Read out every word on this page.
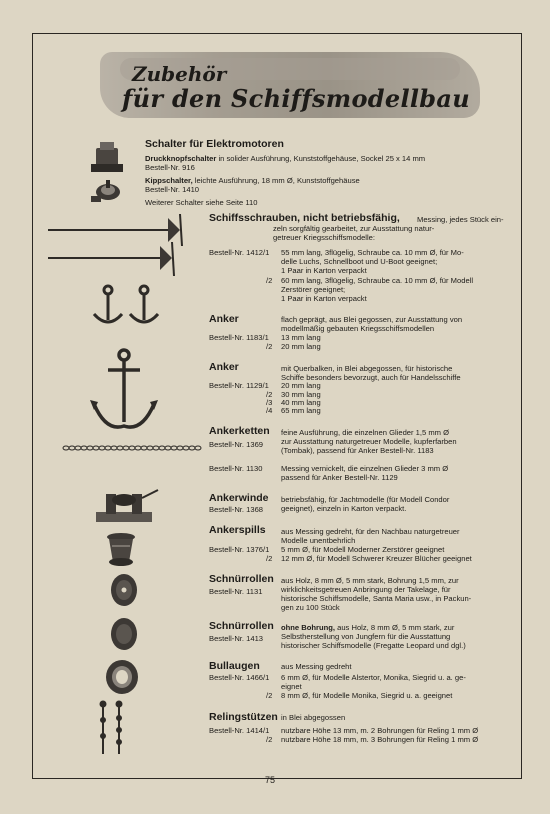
Zubehör
für den Schiffsmodellbau
Schalter für Elektromotoren
Druckknopfschalter in solider Ausführung, Kunststoffgehäuse, Sockel 25 x 14 mm
Bestell-Nr. 916
Kippschalter, leichte Ausführung, 18 mm Ø, Kunststoffgehäuse
Bestell-Nr. 1410
Weiterer Schalter siehe Seite 110
Schiffsschrauben, nicht betriebsfähig, Messing, jedes Stück ein-
zeln sorgfältig gearbeitet, zur Ausstattung natur-
getreuer Kriegsschiffsmodelle:
Bestell-Nr. 1412/1 55 mm lang, 3flügelig, Schraube ca. 10 mm Ø, für Mo-
delle Luchs, Schnellboot und U-Boot geeignet;
1 Paar in Karton verpackt
/2 60 mm lang, 3flügelig, Schraube ca. 10 mm Ø, für Modell
Zerstörer geeignet;
1 Paar in Karton verpackt
Anker	flach geprägt, aus Blei gegossen, zur Ausstattung von
modellmäßig gebauten Kriegsschiffsmodellen
Bestell-Nr. 1183/1 13 mm lang
/2 20 mm lang
Anker	mit Querbalken, in Blei abgegossen, für historische
Schiffe besonders bevorzugt, auch für Handelsschiffe
Bestell-Nr. 1129/1 20 mm lang
/2 30 mm lang
/3 40 mm lang
/4 65 mm lang
Ankerketten
Bestell-Nr. 1369
feine Ausführung, die einzelnen Glieder 1,5 mm Ø
zur Ausstattung naturgetreuer Modelle, kupferfarben
(Tombak), passend für Anker Bestell-Nr. 1183
Bestell-Nr. 1130 Messing vernickelt, die einzelnen Glieder 3 mm Ø
passend für Anker Bestell-Nr. 1129
Ankerwinde
Bestell-Nr. 1368
betriebsfähig, für Jachtmodelle (für Modell Condor
geeignet), einzeln in Karton verpackt.
Ankerspills aus Messing gedreht, für den Nachbau naturgetreuer
Modelle unentbehrlich
Bestell-Nr. 1376/1 5 mm Ø, für Modell Moderner Zerstörer geeignet
/2 12 mm Ø, für Modell Schwerer Kreuzer Blücher geeignet
Schnürrollen
Bestell-Nr. 1131
aus Holz, 8 mm Ø, 5 mm stark, Bohrung 1,5 mm, zur
wirklichkeitsgetreuen Anbringung der Takelage, für
historische Schiffsmodelle, Santa Maria usw., in Packun-
gen zu 100 Stück
Schnürrollen
Bestell-Nr. 1413
ohne Bohrung, aus Holz, 8 mm Ø, 5 mm stark, zur
Selbstherstellung von Jungfern für die Ausstattung
historischer Schiffsmodelle (Fregatte Leopard und dgl.)
Bullaugen	aus Messing gedreht
Bestell-Nr. 1466/1 6 mm Ø, für Modelle Alstertor, Monika, Siegrid u. a. ge-
eignet
/2 8 mm Ø, für Modelle Monika, Siegrid u. a. geeignet
Relingstützen in Blei abgegossen
Bestell-Nr. 1414/1 nutzbare Höhe 13 mm, m. 2 Bohrungen für Reling 1 mm Ø
/2 nutzbare Höhe 18 mm, m. 3 Bohrungen für Reling 1 mm Ø
75
